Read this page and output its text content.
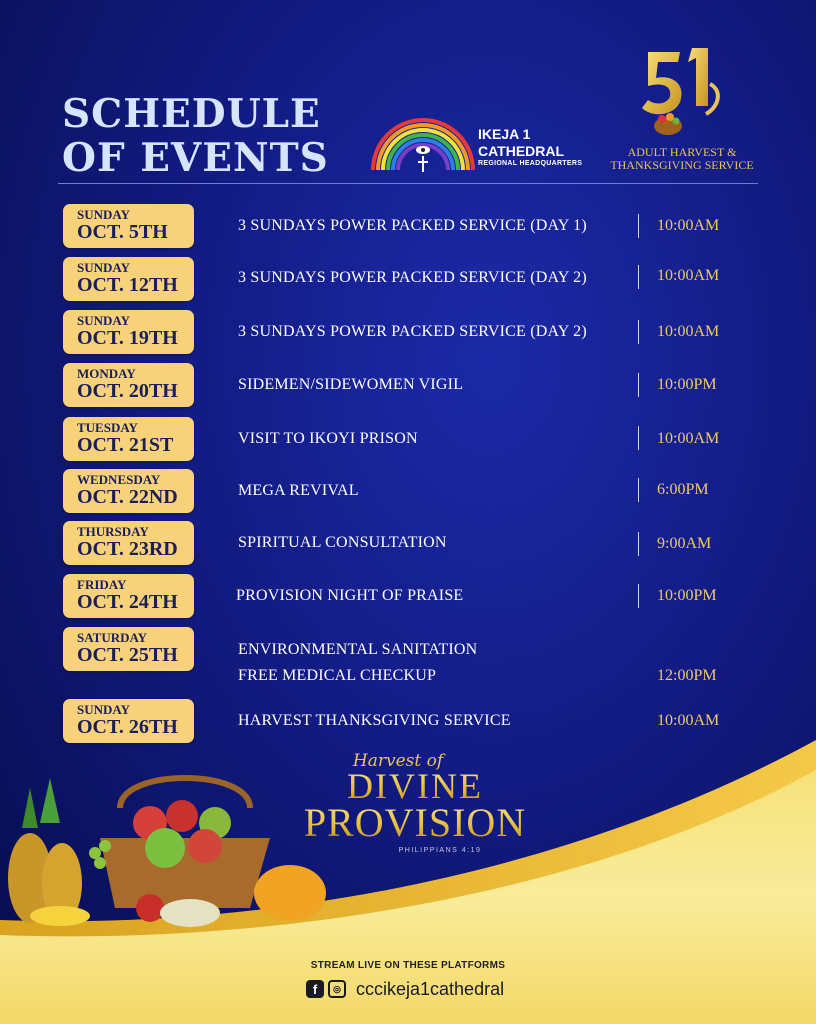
SCHEDULE
OF EVENTS
IKEJA 1
CATHEDRAL
REGIONAL HEADQUARTERS
ADULT HARVEST &
THANKSGIVING SERVICE
SUNDAY
OCT. 5TH	3 SUNDAYS POWER PACKED SERVICE (DAY 1)	10:00AM
SUNDAY
OCT. 12TH	3 SUNDAYS POWER PACKED SERVICE (DAY 2)	10:00AM
SUNDAY
OCT. 19TH	3 SUNDAYS POWER PACKED SERVICE (DAY 2)	10:00AM
MONDAY
OCT. 20TH	SIDEMEN/SIDEWOMEN VIGIL	10:00PM
TUESDAY
OCT. 21ST	VISIT TO IKOYI PRISON	10:00AM
WEDNESDAY
OCT. 22ND	MEGA REVIVAL	6:00PM
THURSDAY
OCT. 23RD	SPIRITUAL CONSULTATION	9:00AM
FRIDAY
OCT. 24TH	PROVISION NIGHT OF PRAISE	10:00PM
SATURDAY
OCT. 25TH	ENVIRONMENTAL SANITATION
FREE MEDICAL CHECKUP	12:00PM
SUNDAY
OCT. 26TH	HARVEST THANKSGIVING SERVICE	10:00AM
Harvest of
DIVINE
PROVISION
PHILIPPIANS 4:19
STREAM LIVE ON THESE PLATFORMS
f	◎ cccikeja1cathedral
